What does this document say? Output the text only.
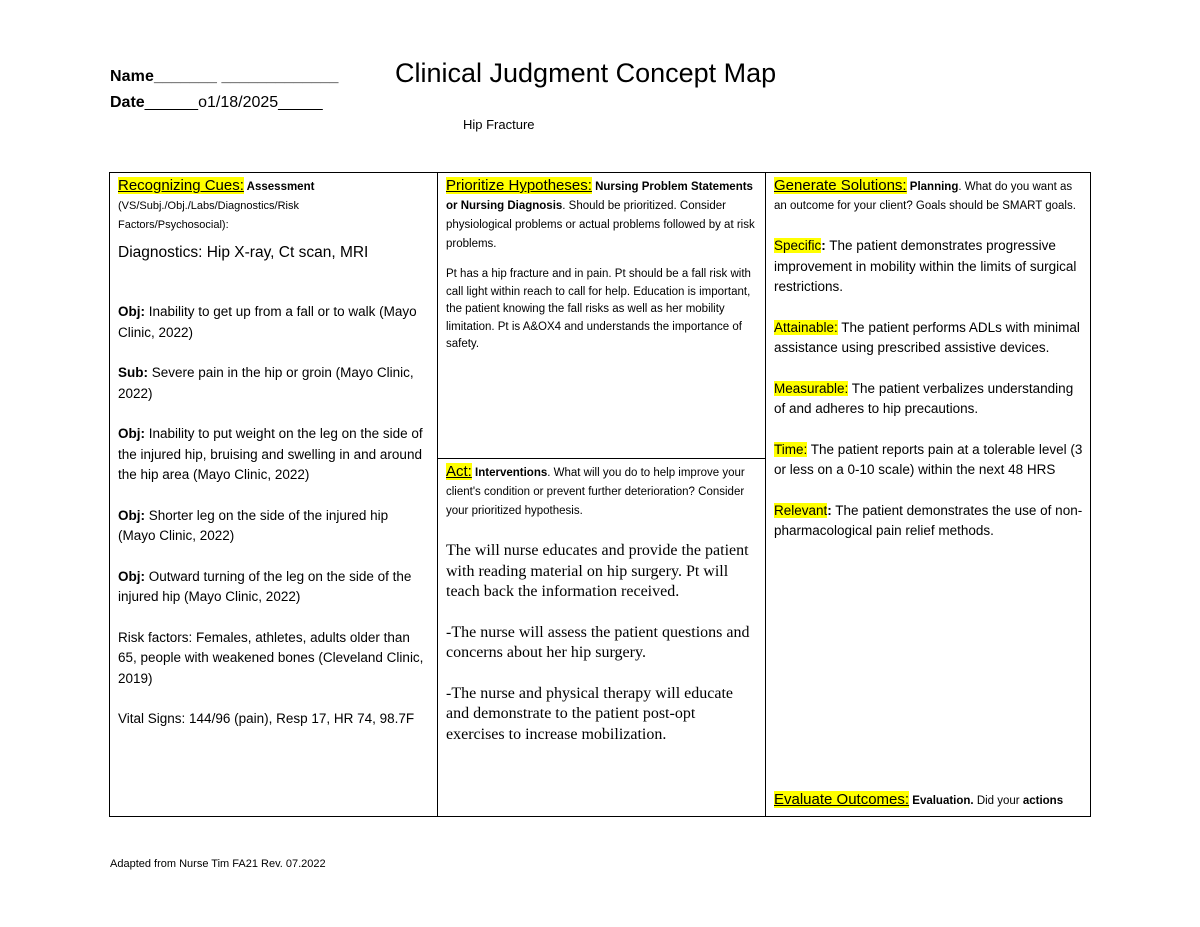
Name_______ _____________
Date______o1/18/2025_____
Clinical Judgment Concept Map
Hip Fracture
Recognizing Cues: Assessment
(VS/Subj./Obj./Labs/Diagnostics/Risk Factors/Psychosocial):
Diagnostics: Hip X-ray, Ct scan, MRI

Obj: Inability to get up from a fall or to walk (Mayo Clinic, 2022)

Sub: Severe pain in the hip or groin (Mayo Clinic, 2022)

Obj: Inability to put weight on the leg on the side of the injured hip, bruising and swelling in and around the hip area (Mayo Clinic, 2022)

Obj: Shorter leg on the side of the injured hip (Mayo Clinic, 2022)

Obj: Outward turning of the leg on the side of the injured hip (Mayo Clinic, 2022)

Risk factors: Females, athletes, adults older than 65, people with weakened bones (Cleveland Clinic, 2019)

Vital Signs: 144/96 (pain), Resp 17, HR 74, 98.7F

Prioritize Hypotheses: Nursing Problem Statements or Nursing Diagnosis. Should be prioritized. Consider physiological problems or actual problems followed by at risk problems.
Pt has a hip fracture and in pain. Pt should be a fall risk with call light within reach to call for help. Education is important, the patient knowing the fall risks as well as her mobility limitation. Pt is A&OX4 and understands the importance of safety.
Act: Interventions. What will you do to help improve your client's condition or prevent further deterioration? Consider your prioritized hypothesis.

The will nurse educates and provide the patient with reading material on hip surgery. Pt will teach back the information received.

-The nurse will assess the patient questions and concerns about her hip surgery.

-The nurse and physical therapy will educate and demonstrate to the patient post-opt exercises to increase mobilization.

Generate Solutions: Planning. What do you want as an outcome for your client? Goals should be SMART goals.

Specific: The patient demonstrates progressive improvement in mobility within the limits of surgical restrictions.

Attainable: The patient performs ADLs with minimal assistance using prescribed assistive devices.

Measurable: The patient verbalizes understanding of and adheres to hip precautions.

Time: The patient reports pain at a tolerable level (3 or less on a 0-10 scale) within the next 48 HRS

Relevant: The patient demonstrates the use of non-pharmacological pain relief methods.

Evaluate Outcomes: Evaluation. Did your actions
Adapted from Nurse Tim FA21 Rev. 07.2022
